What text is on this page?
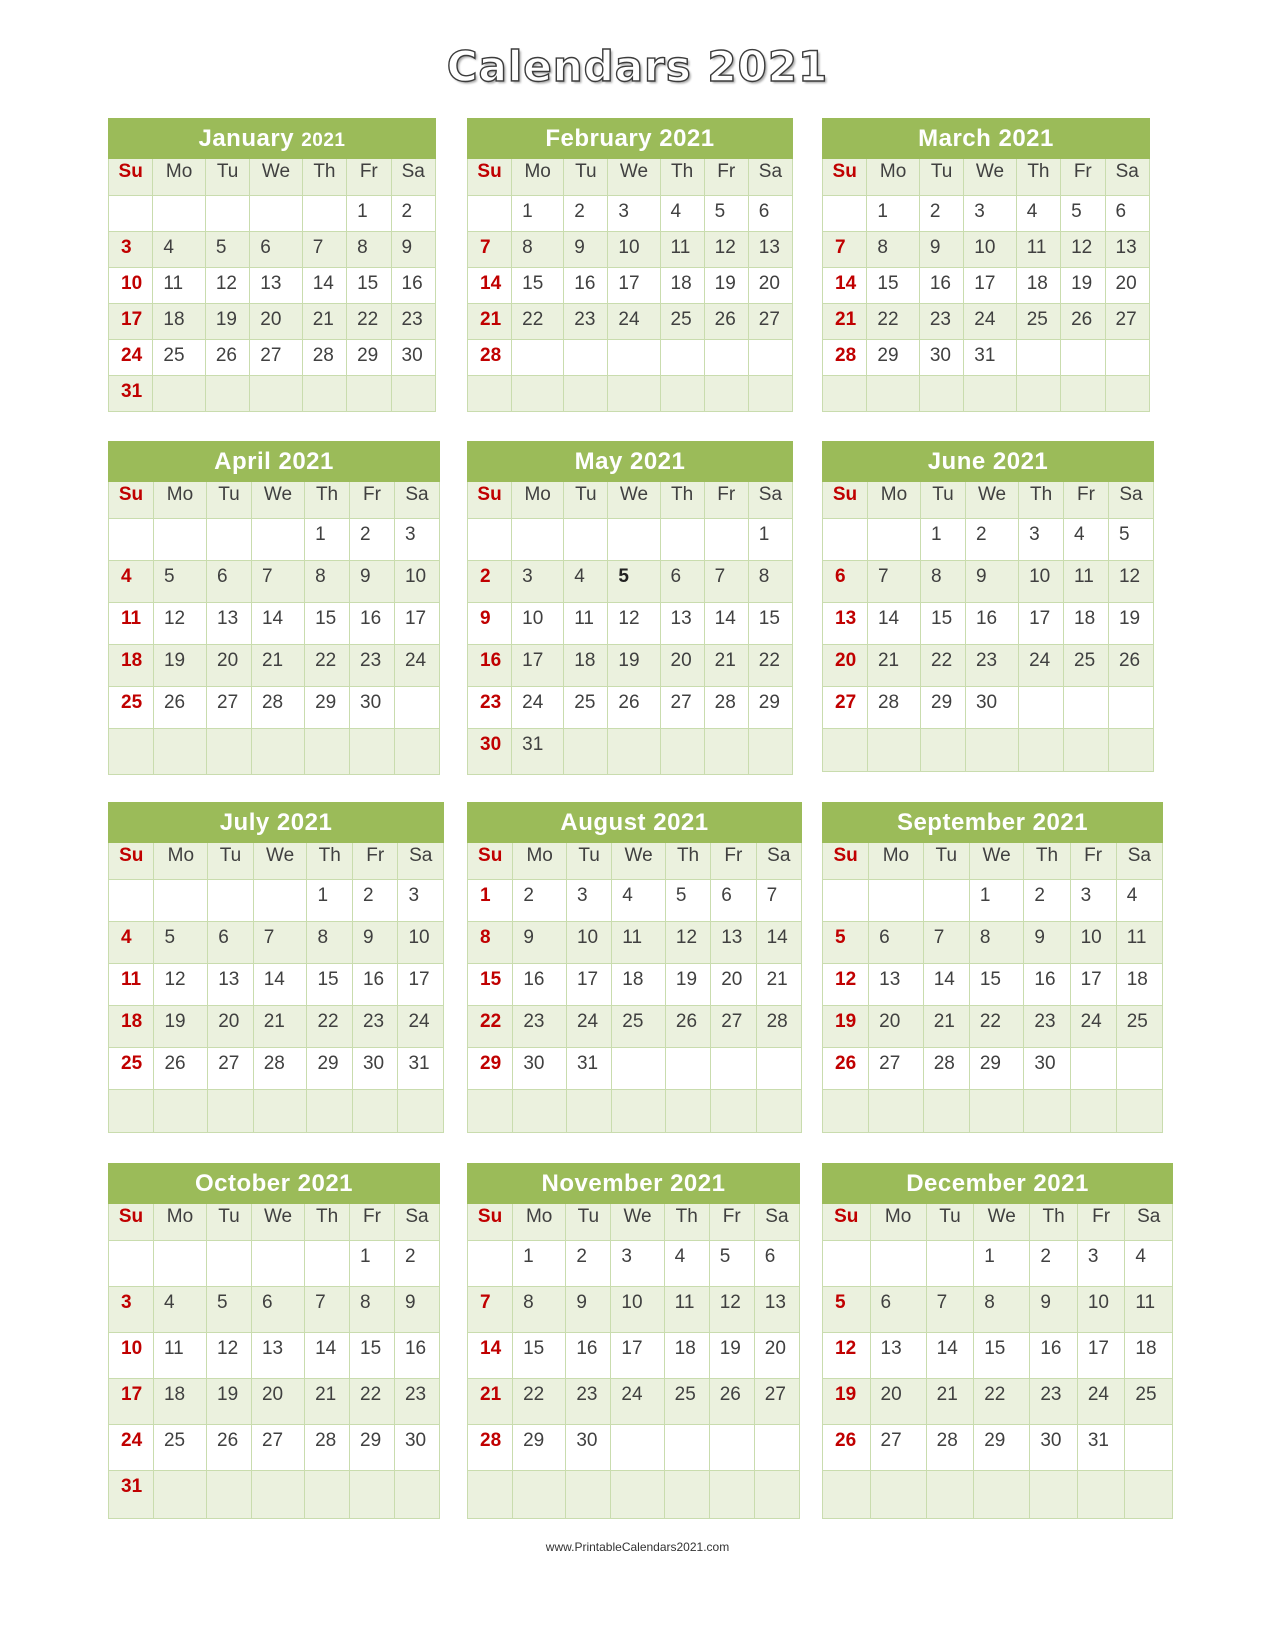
Calendars 2021
January 2021						
Su	Mo	Tu	We	Th	Fr	Sa
					1	2
3	4	5	6	7	8	9
10	11	12	13	14	15	16
17	18	19	20	21	22	23
24	25	26	27	28	29	30
31						
February 2021						
Su	Mo	Tu	We	Th	Fr	Sa
	1	2	3	4	5	6
7	8	9	10	11	12	13
14	15	16	17	18	19	20
21	22	23	24	25	26	27
28						

March 2021						
Su	Mo	Tu	We	Th	Fr	Sa
	1	2	3	4	5	6
7	8	9	10	11	12	13
14	15	16	17	18	19	20
21	22	23	24	25	26	27
28	29	30	31			

April 2021						
Su	Mo	Tu	We	Th	Fr	Sa
				1	2	3
4	5	6	7	8	9	10
11	12	13	14	15	16	17
18	19	20	21	22	23	24
25	26	27	28	29	30	

May 2021						
Su	Mo	Tu	We	Th	Fr	Sa
						1
2	3	4	5	6	7	8
9	10	11	12	13	14	15
16	17	18	19	20	21	22
23	24	25	26	27	28	29
30	31					
June 2021						
Su	Mo	Tu	We	Th	Fr	Sa
		1	2	3	4	5
6	7	8	9	10	11	12
13	14	15	16	17	18	19
20	21	22	23	24	25	26
27	28	29	30			

July 2021						
Su	Mo	Tu	We	Th	Fr	Sa
				1	2	3
4	5	6	7	8	9	10
11	12	13	14	15	16	17
18	19	20	21	22	23	24
25	26	27	28	29	30	31

August 2021						
Su	Mo	Tu	We	Th	Fr	Sa
1	2	3	4	5	6	7
8	9	10	11	12	13	14
15	16	17	18	19	20	21
22	23	24	25	26	27	28
29	30	31				

September 2021						
Su	Mo	Tu	We	Th	Fr	Sa
			1	2	3	4
5	6	7	8	9	10	11
12	13	14	15	16	17	18
19	20	21	22	23	24	25
26	27	28	29	30		

October 2021						
Su	Mo	Tu	We	Th	Fr	Sa
					1	2
3	4	5	6	7	8	9
10	11	12	13	14	15	16
17	18	19	20	21	22	23
24	25	26	27	28	29	30
31						
November 2021						
Su	Mo	Tu	We	Th	Fr	Sa
	1	2	3	4	5	6
7	8	9	10	11	12	13
14	15	16	17	18	19	20
21	22	23	24	25	26	27
28	29	30				

December 2021						
Su	Mo	Tu	We	Th	Fr	Sa
			1	2	3	4
5	6	7	8	9	10	11
12	13	14	15	16	17	18
19	20	21	22	23	24	25
26	27	28	29	30	31	

www.PrintableCalendars2021.com
